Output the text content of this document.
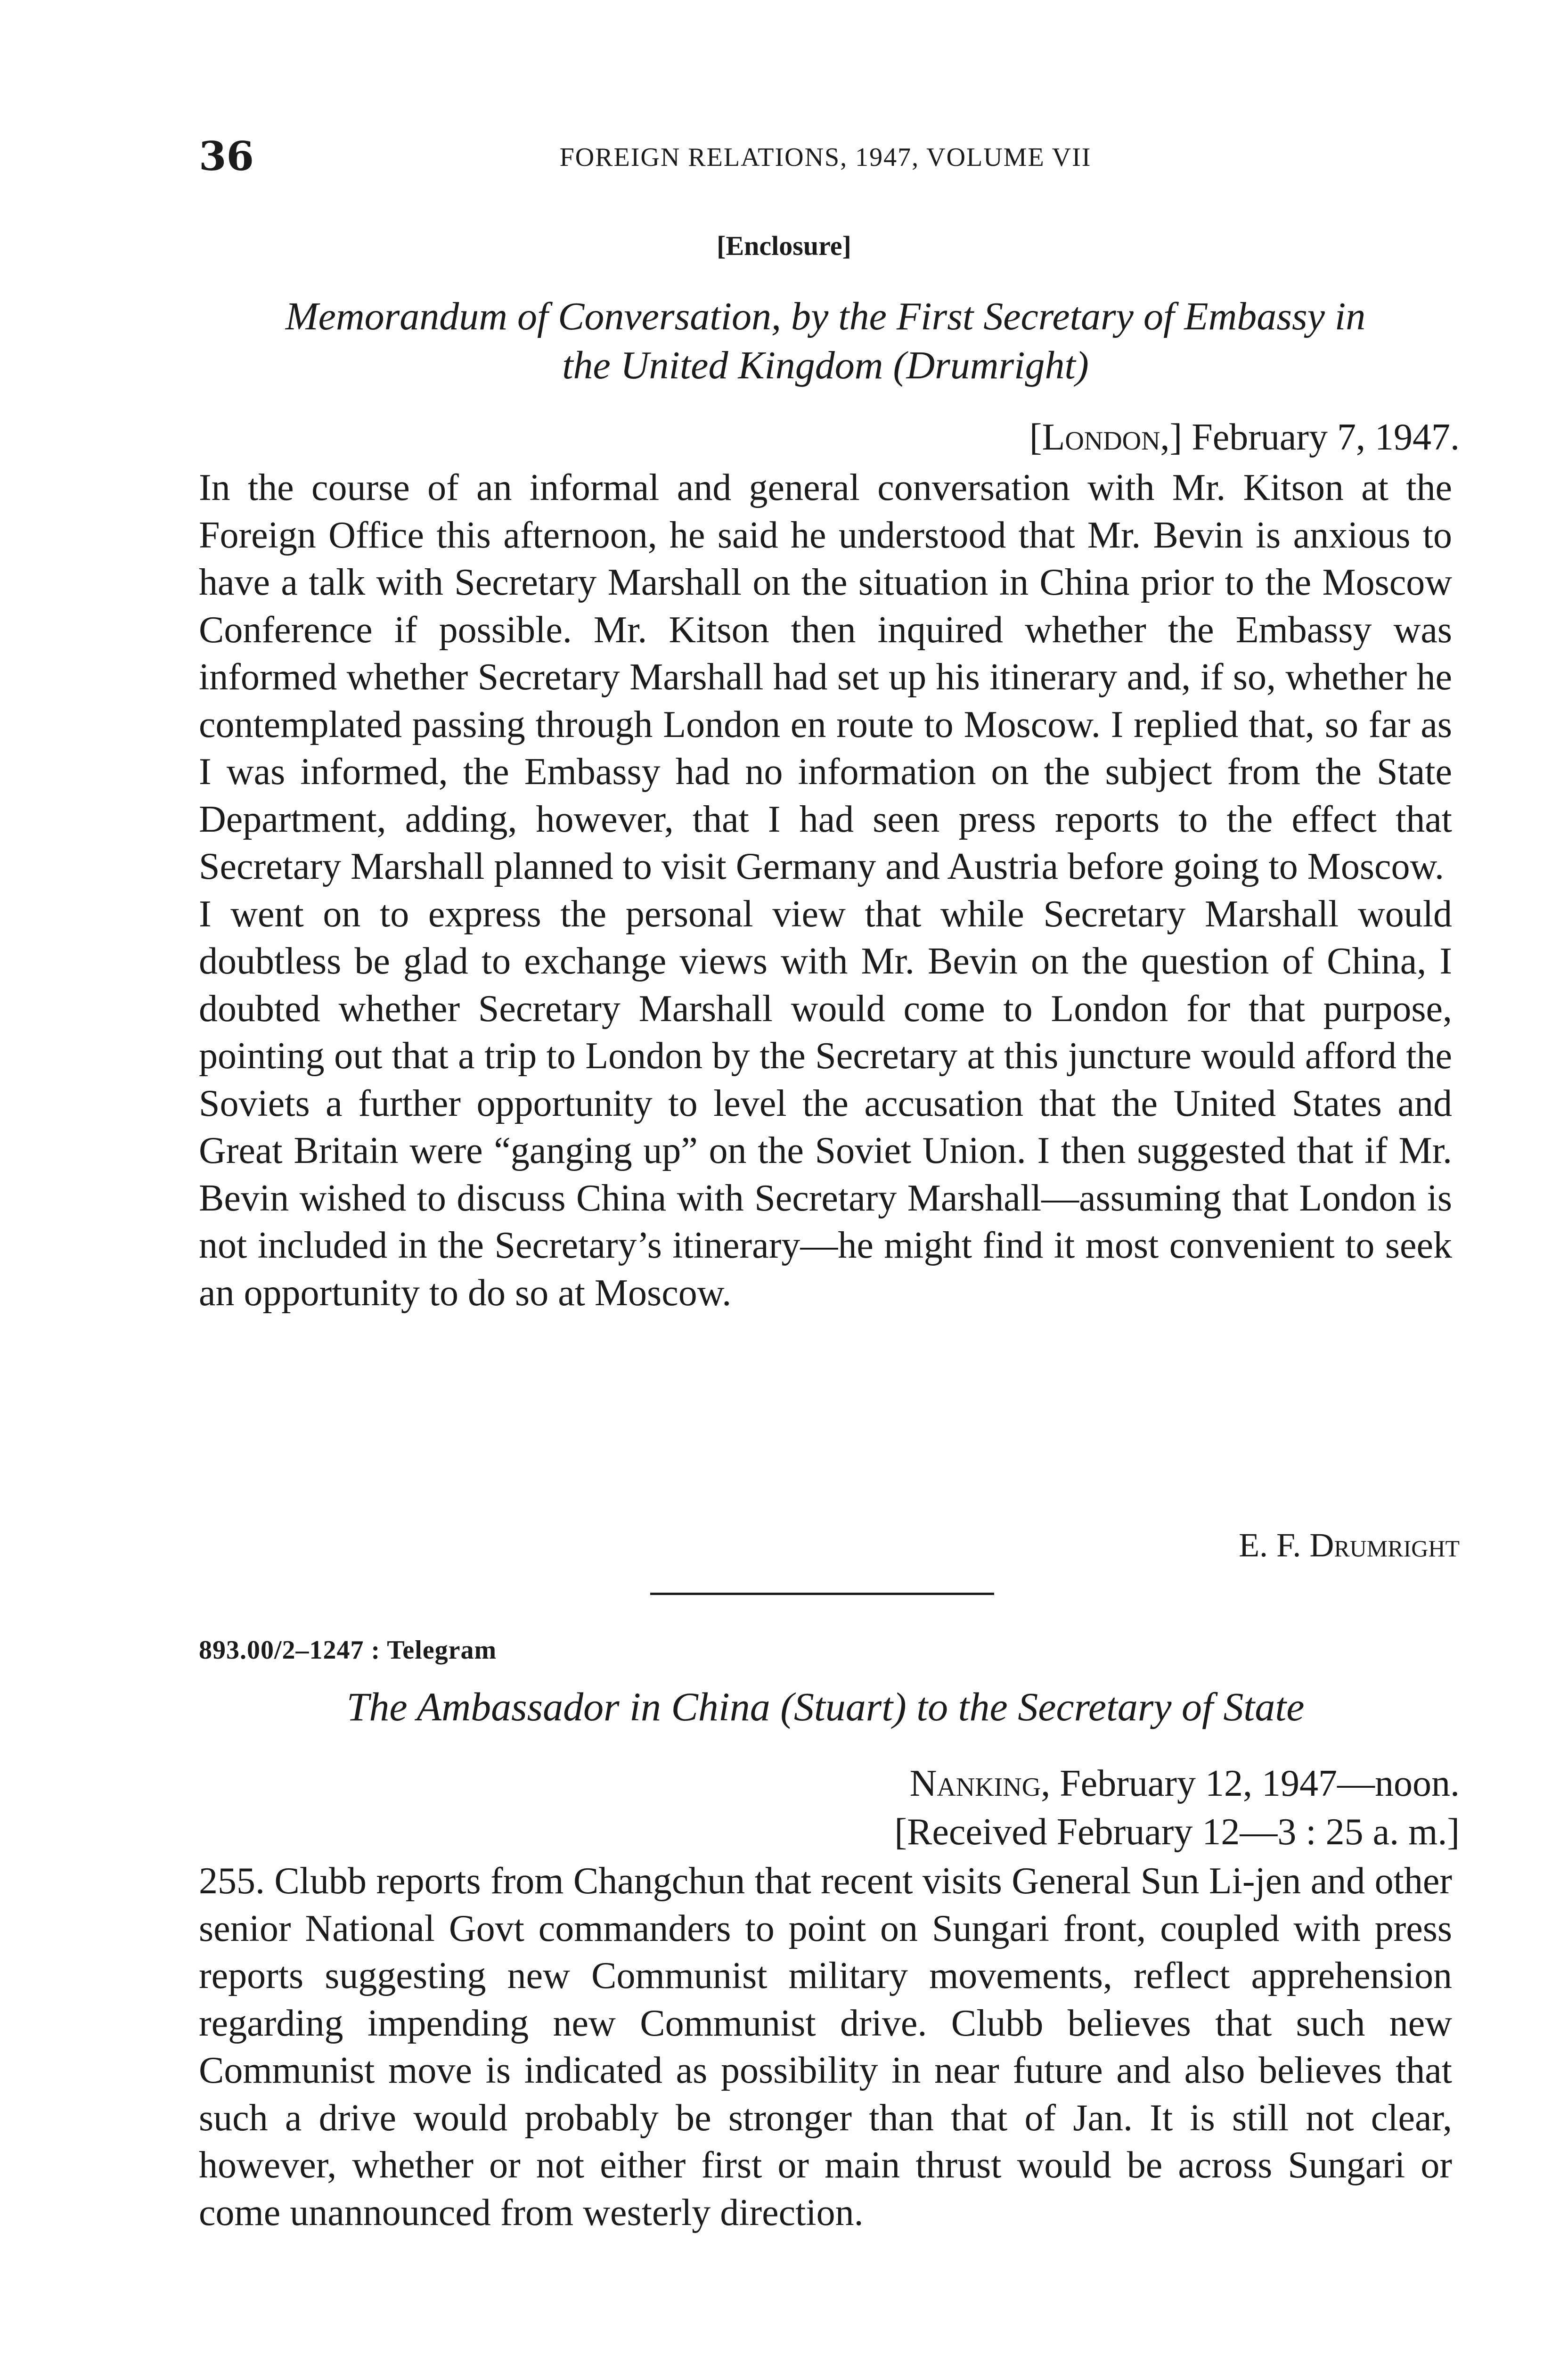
36	FOREIGN RELATIONS, 1947, VOLUME VII
[Enclosure]
Memorandum of Conversation, by the First Secretary of Embassy in
the United Kingdom (Drumright)
[London,] February 7, 1947.

In the course of an informal and general conversation with Mr. Kitson at the Foreign Office this afternoon, he said he understood that Mr. Bevin is anxious to have a talk with Secretary Marshall on the situation in China prior to the Moscow Conference if possible. Mr. Kitson then inquired whether the Embassy was informed whether Secretary Marshall had set up his itinerary and, if so, whether he contemplated passing through London en route to Moscow. I replied that, so far as I was informed, the Embassy had no information on the subject from the State Department, adding, however, that I had seen press reports to the effect that Secretary Marshall planned to visit Germany and Austria before going to Moscow.

I went on to express the personal view that while Secretary Marshall would doubtless be glad to exchange views with Mr. Bevin on the question of China, I doubted whether Secretary Marshall would come to London for that purpose, pointing out that a trip to London by the Secretary at this juncture would afford the Soviets a further opportunity to level the accusation that the United States and Great Britain were “ganging up” on the Soviet Union. I then suggested that if Mr. Bevin wished to discuss China with Secretary Marshall—assuming that London is not included in the Secretary’s itinerary—he might find it most convenient to seek an opportunity to do so at Moscow.

E. F. Drumright
893.00/2–1247 : Telegram
The Ambassador in China (Stuart) to the Secretary of State
Nanking, February 12, 1947—noon.
[Received February 12—3 : 25 a. m.]

255. Clubb reports from Changchun that recent visits General Sun Li-jen and other senior National Govt commanders to point on Sungari front, coupled with press reports suggesting new Communist military movements, reflect apprehension regarding impending new Communist drive. Clubb believes that such new Communist move is indicated as possibility in near future and also believes that such a drive would probably be stronger than that of Jan. It is still not clear, however, whether or not either first or main thrust would be across Sungari or come unannounced from westerly direction.
